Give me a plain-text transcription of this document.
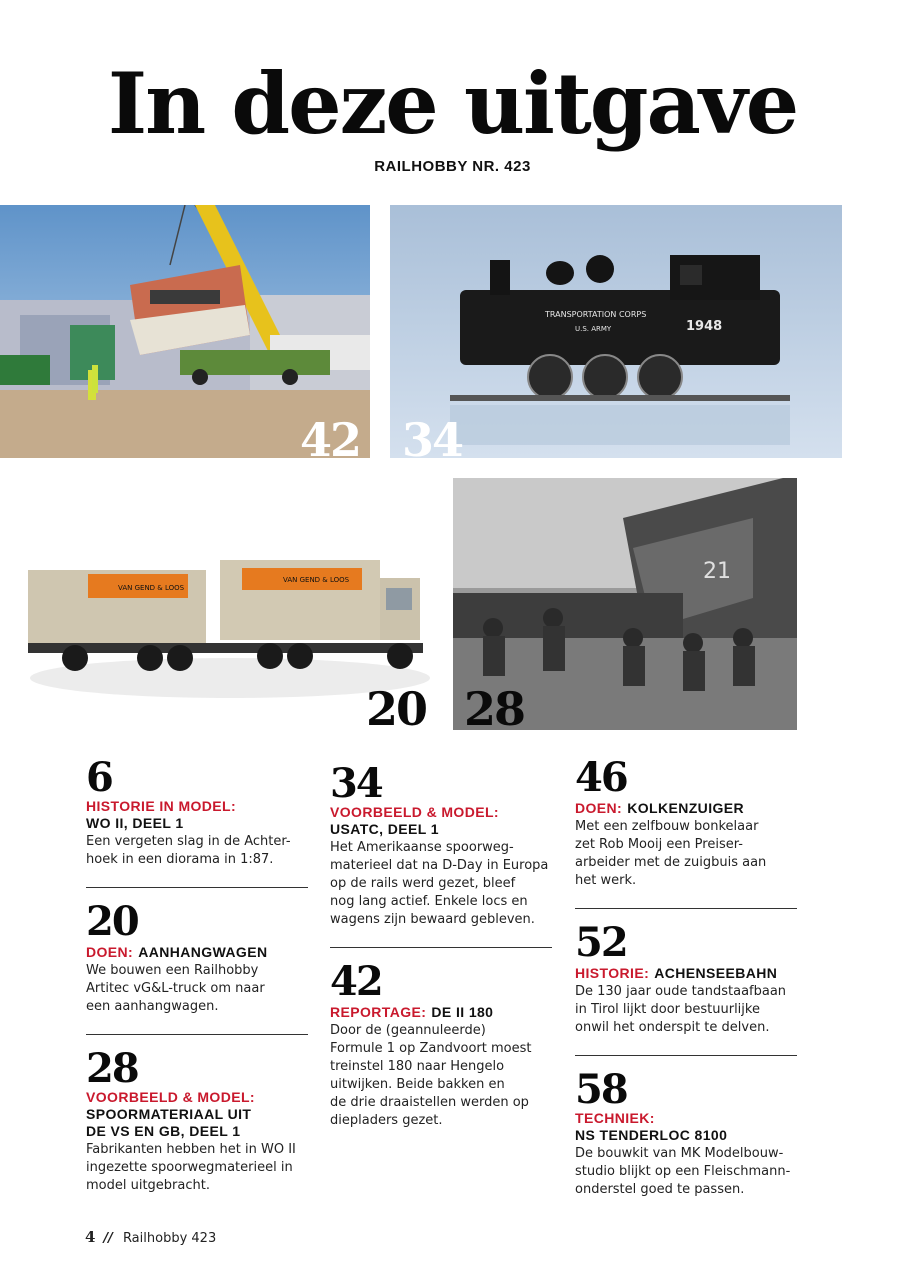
In deze uitgave
RAILHOBBY NR. 423
42
TRANSPORTATION CORPS
U.S. ARMY	1948
34
VAN GEND & LOOS
VAN GEND & LOOS
20
21
28
6
HISTORIE IN MODEL:
WO II, DEEL 1
Een vergeten slag in de Achter-
hoek in een diorama in 1:87.
20
DOEN: AANHANGWAGEN
We bouwen een Railhobby
Artitec vG&L-truck om naar
een aanhangwagen.
28
VOORBEELD & MODEL:
SPOORMATERIAAL UIT
DE VS EN GB, DEEL 1
Fabrikanten hebben het in WO II
ingezette spoorwegmaterieel in
model uitgebracht.
34
VOORBEELD & MODEL:
USATC, DEEL 1
Het Amerikaanse spoorweg-
materieel dat na D-Day in Europa
op de rails werd gezet, bleef
nog lang actief. Enkele locs en
wagens zijn bewaard gebleven.
42
REPORTAGE: DE II 180
Door de (geannuleerde)
Formule 1 op Zandvoort moest
treinstel 180 naar Hengelo
uitwijken. Beide bakken en
de drie draaistellen werden op
diepladers gezet.
46
DOEN: KOLKENZUIGER
Met een zelfbouw bonkelaar
zet Rob Mooij een Preiser-
arbeider met de zuigbuis aan
het werk.
52
HISTORIE: ACHENSEEBAHN
De 130 jaar oude tandstaafbaan
in Tirol lijkt door bestuurlijke
onwil het onderspit te delven.
58
TECHNIEK:
NS TENDERLOC 8100
De bouwkit van MK Modelbouw-
studio blijkt op een Fleischmann-
onderstel goed te passen.
4 // Railhobby 423
